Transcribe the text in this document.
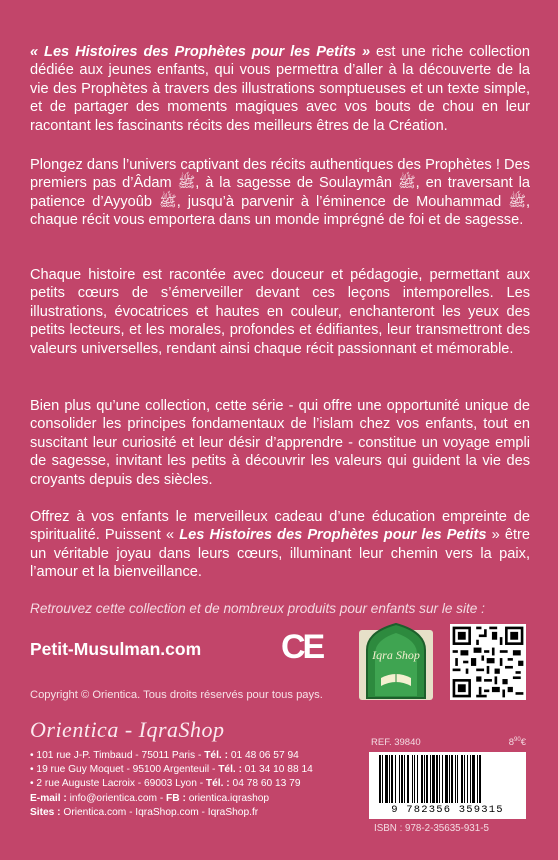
« Les Histoires des Prophètes pour les Petits » est une riche collection dédiée aux jeunes enfants, qui vous permettra d’aller à la découverte de la vie des Prophètes à travers des illustrations somptueuses et un texte simple, et de partager des moments magiques avec vos bouts de chou en leur racontant les fascinants récits des meilleurs êtres de la Création.

Plongez dans l’univers captivant des récits authentiques des Prophètes ! Des premiers pas d’Âdam ﷺ, à la sagesse de Soulaymân ﷺ, en traversant la patience d’Ayyoûb ﷺ, jusqu’à parvenir à l’éminence de Mouhammad ﷺ, chaque récit vous emportera dans un monde imprégné de foi et de sagesse.

Chaque histoire est racontée avec douceur et pédagogie, permettant aux petits cœurs de s’émerveiller devant ces leçons intemporelles. Les illustrations, évocatrices et hautes en couleur, enchanteront les yeux des petits lecteurs, et les morales, profondes et édifiantes, leur transmettront des valeurs universelles, rendant ainsi chaque récit passionnant et mémorable.

Bien plus qu’une collection, cette série - qui offre une opportunité unique de consolider les principes fondamentaux de l’islam chez vos enfants, tout en suscitant leur curiosité et leur désir d’apprendre - constitue un voyage empli de sagesse, invitant les petits à découvrir les valeurs qui guident la vie des croyants depuis des siècles.

Offrez à vos enfants le merveilleux cadeau d’une éducation empreinte de spiritualité. Puissent « Les Histoires des Prophètes pour les Petits » être un véritable joyau dans leurs cœurs, illuminant leur chemin vers la paix, l’amour et la bienveillance.

Retrouvez cette collection et de nombreux produits pour enfants sur le site :
Petit-Musulman.com CE	Iqra Shop
Copyright © Orientica. Tous droits réservés pour tous pays.
Orientica - IqraShop
• 101 rue J-P. Timbaud - 75011 Paris - Tél. : 01 48 06 57 94
• 19 rue Guy Moquet - 95100 Argenteuil - Tél. : 01 34 10 88 14
• 2 rue Auguste Lacroix - 69003 Lyon - Tél. : 04 78 60 13 79
E-mail : info@orientica.com - FB : orientica.iqrashop
Sites : Orientica.com - IqraShop.com - IqraShop.fr
REF. 39840	$8^{90}€$
9 782356 359315
ISBN : 978-2-35635-931-5
